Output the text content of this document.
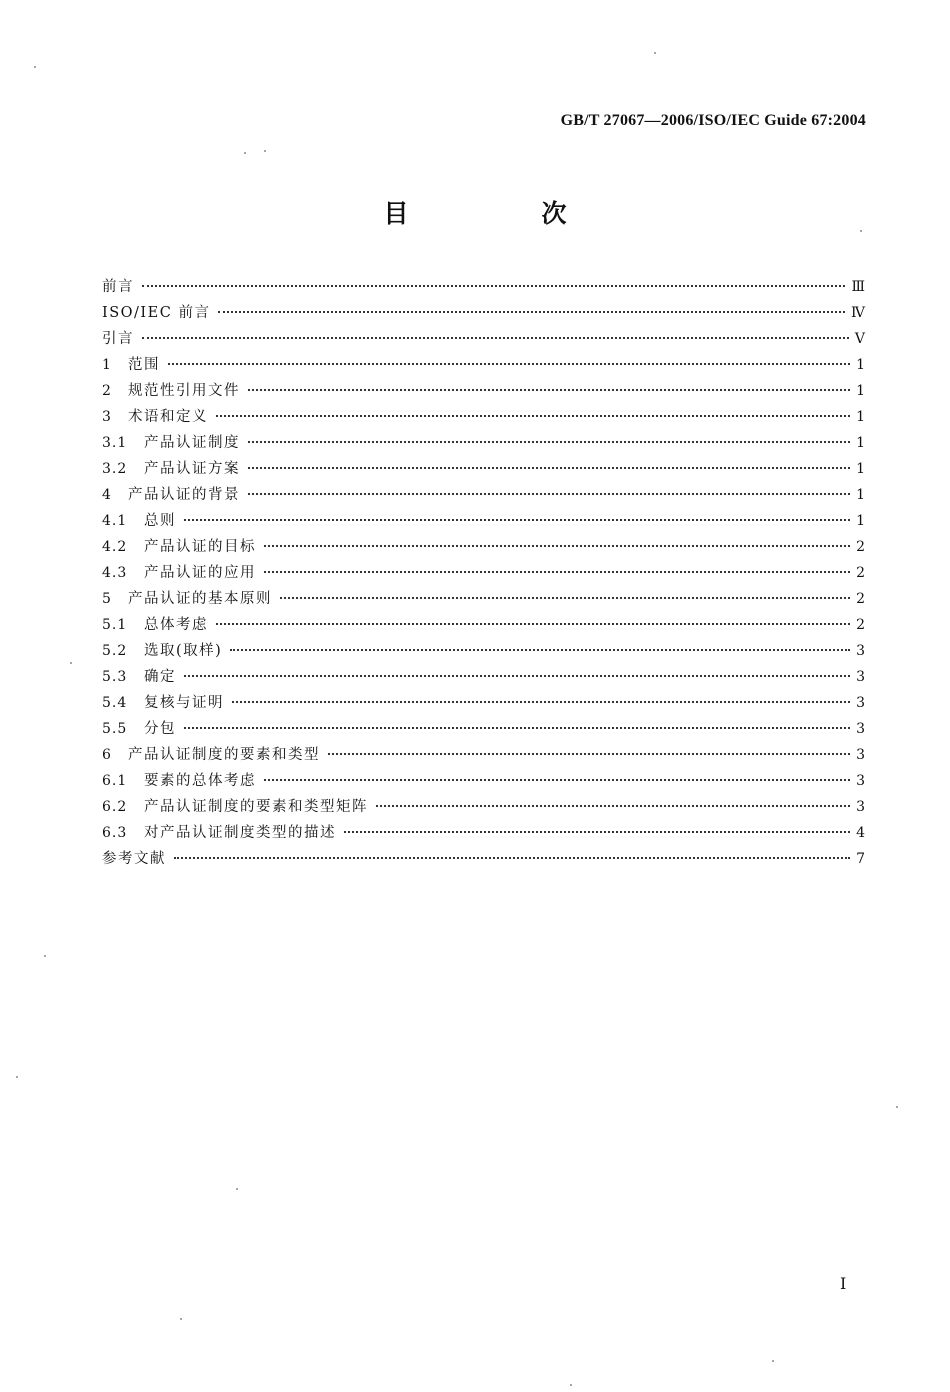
GB/T 27067—2006/ISO/IEC Guide 67:2004
目　次
前言	Ⅲ
ISO/IEC 前言	Ⅳ
引言	Ⅴ
1	范围	1
2	规范性引用文件	1
3	术语和定义	1
3.1	产品认证制度	1
3.2	产品认证方案	1
4	产品认证的背景	1
4.1	总则	1
4.2	产品认证的目标	2
4.3	产品认证的应用	2
5	产品认证的基本原则	2
5.1	总体考虑	2
5.2	选取(取样)	3
5.3	确定	3
5.4	复核与证明	3
5.5	分包	3
6	产品认证制度的要素和类型	3
6.1	要素的总体考虑	3
6.2	产品认证制度的要素和类型矩阵	3
6.3	对产品认证制度类型的描述	4
参考文献	7
Ⅰ
